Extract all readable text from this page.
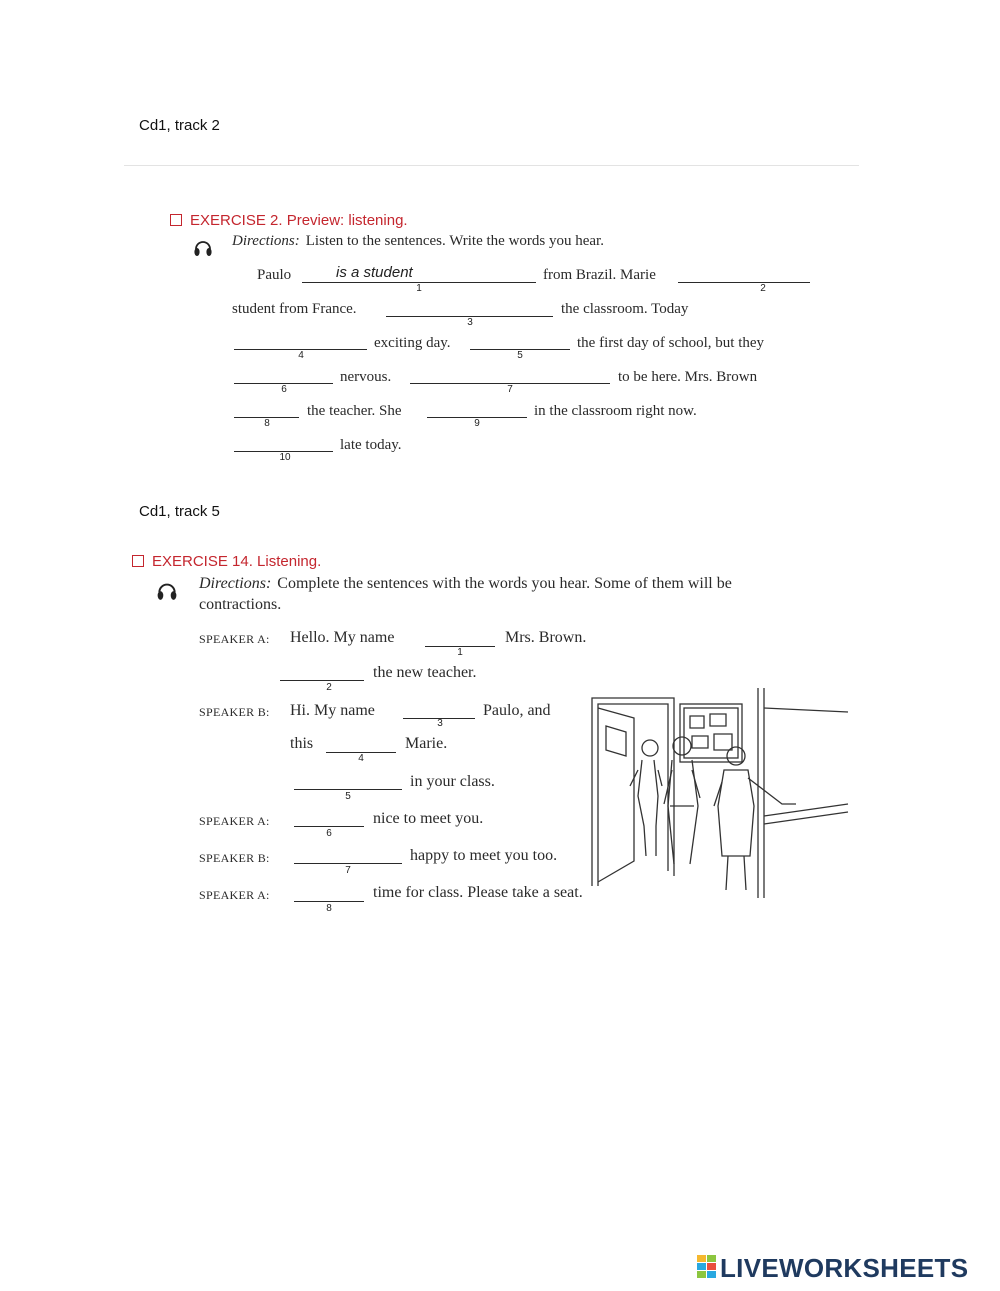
Cd1, track 2
Cd1, track 5
EXERCISE 2. Preview: listening.
Directions: Listen to the sentences. Write the words you hear.
Paulo	is a student
1
from Brazil. Marie
2
student from France.
3
the classroom. Today
4
exciting day.
5
the first day of school, but they
6
nervous.
7
to be here. Mrs. Brown
8
the teacher. She
9
in the classroom right now.
10
late today.
EXERCISE 14. Listening.
Directions: Complete the sentences with the words you hear. Some of them will be
contractions.
SPEAKER A: Hello. My name
1
Mrs. Brown.
2
the new teacher.
SPEAKER B: Hi. My name
3
Paulo, and
this
4
Marie.
5
in your class.
SPEAKER A:
6
nice to meet you.
SPEAKER B:
7
happy to meet you too.
SPEAKER A:
8
time for class. Please take a seat.
LIVEWORKSHEETS
